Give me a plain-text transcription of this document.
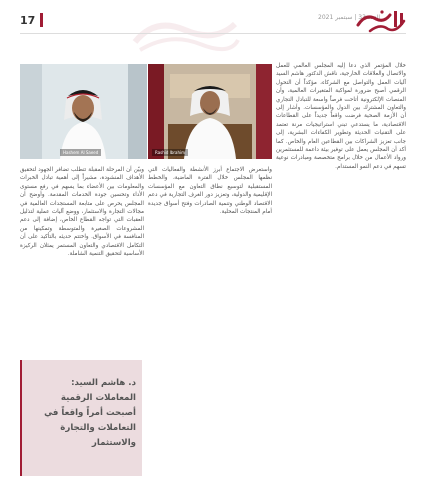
17	العدد 33 | سبتمبر 2021
Hashem Al Saeed	Rashid Ibrahim

خلال المؤتمر الذي دعا إليه المجلس العالمي للعمل والاتصال والعلاقات الخارجية، ناقش الدكتور هاشم السيد آليات العمل والتواصل مع الشركاء، مؤكداً أن التحول الرقمي أصبح ضرورة لمواكبة المتغيرات العالمية، وأن المنصات الإلكترونية أتاحت فرصاً واسعة للتبادل التجاري والتعاون المشترك بين الدول والمؤسسات. وأشار إلى أن الأزمة الصحية فرضت واقعاً جديداً على القطاعات الاقتصادية، ما يستدعي تبني استراتيجيات مرنة تعتمد على التقنيات الحديثة وتطوير الكفاءات البشرية، إلى جانب تعزيز الشراكات بين القطاعين العام والخاص. كما أكد أن المجلس يعمل على توفير بيئة داعمة للمستثمرين ورواد الأعمال من خلال برامج متخصصة ومبادرات نوعية تسهم في دعم النمو المستدام.

واستعرض الاجتماع أبرز الأنشطة والفعاليات التي نظمها المجلس خلال الفترة الماضية، والخطط المستقبلية لتوسيع نطاق التعاون مع المؤسسات الإقليمية والدولية، وتعزيز دور الغرف التجارية في دعم الاقتصاد الوطني وتنمية الصادرات وفتح أسواق جديدة أمام المنتجات المحلية.

وبيّن أن المرحلة المقبلة تتطلب تضافر الجهود لتحقيق الأهداف المنشودة، مشيراً إلى أهمية تبادل الخبرات والمعلومات بين الأعضاء بما يسهم في رفع مستوى الأداء وتحسين جودة الخدمات المقدمة. وأوضح أن المجلس يحرص على متابعة المستجدات العالمية في مجالات التجارة والاستثمار، ووضع آليات عملية لتذليل العقبات التي تواجه القطاع الخاص، إضافة إلى دعم المشروعات الصغيرة والمتوسطة وتمكينها من المنافسة في الأسواق. واختتم حديثه بالتأكيد على أن التكامل الاقتصادي والتعاون المستمر يمثلان الركيزة الأساسية لتحقيق التنمية الشاملة.

د. هاشم السيد: المعاملات الرقمية أصبحت أمراً واقعاً في التعاملات والتجارة والاستثمار
